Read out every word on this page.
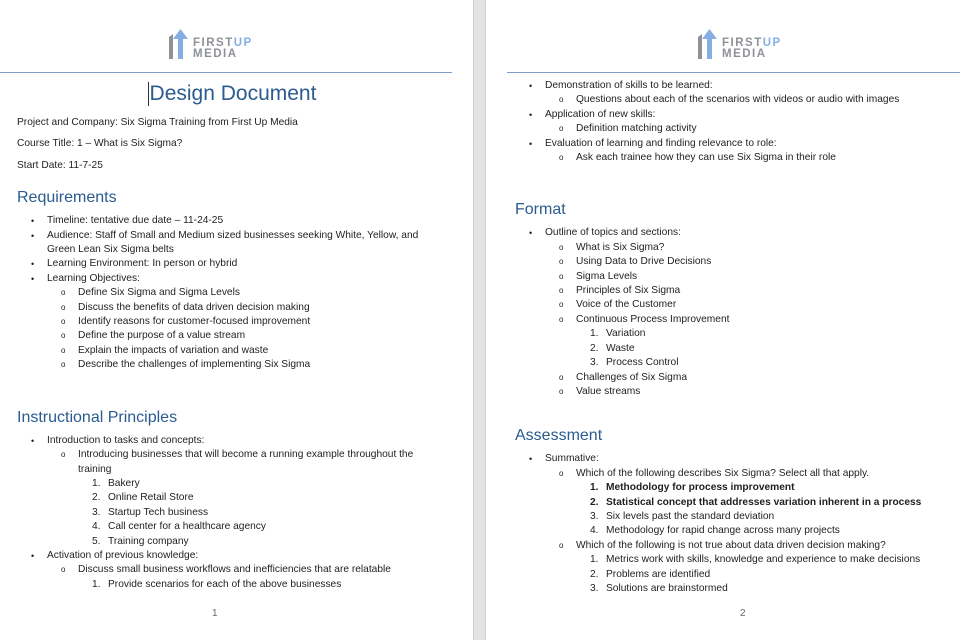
FIRSTUP
MEDIA
Design Document
Project and Company: Six Sigma Training from First Up Media
Course Title: 1 – What is Six Sigma?
Start Date: 11-7-25
Requirements
• Timeline: tentative due date – 11-24-25
• Audience: Staff of Small and Medium sized businesses seeking White, Yellow, and Green Lean Six Sigma belts
• Learning Environment: In person or hybrid
• Learning Objectives:
o Define Six Sigma and Sigma Levels
o Discuss the benefits of data driven decision making
o Identify reasons for customer-focused improvement
o Define the purpose of a value stream
o Explain the impacts of variation and waste
o Describe the challenges of implementing Six Sigma
Instructional Principles
• Introduction to tasks and concepts:
o Introducing businesses that will become a running example throughout the training
1. Bakery
2. Online Retail Store
3. Startup Tech business
4. Call center for a healthcare agency
5. Training company
• Activation of previous knowledge:
o Discuss small business workflows and inefficiencies that are relatable
1. Provide scenarios for each of the above businesses
1
FIRSTUP
MEDIA
• Demonstration of skills to be learned:
o Questions about each of the scenarios with videos or audio with images
• Application of new skills:
o Definition matching activity
• Evaluation of learning and finding relevance to role:
o Ask each trainee how they can use Six Sigma in their role
Format
• Outline of topics and sections:
o What is Six Sigma?
o Using Data to Drive Decisions
o Sigma Levels
o Principles of Six Sigma
o Voice of the Customer
o Continuous Process Improvement
1. Variation
2. Waste
3. Process Control
o Challenges of Six Sigma
o Value streams
Assessment
• Summative:
o Which of the following describes Six Sigma? Select all that apply.
1. Methodology for process improvement
2. Statistical concept that addresses variation inherent in a process
3. Six levels past the standard deviation
4. Methodology for rapid change across many projects
o Which of the following is not true about data driven decision making?
1. Metrics work with skills, knowledge and experience to make decisions
2. Problems are identified
3. Solutions are brainstormed
2
